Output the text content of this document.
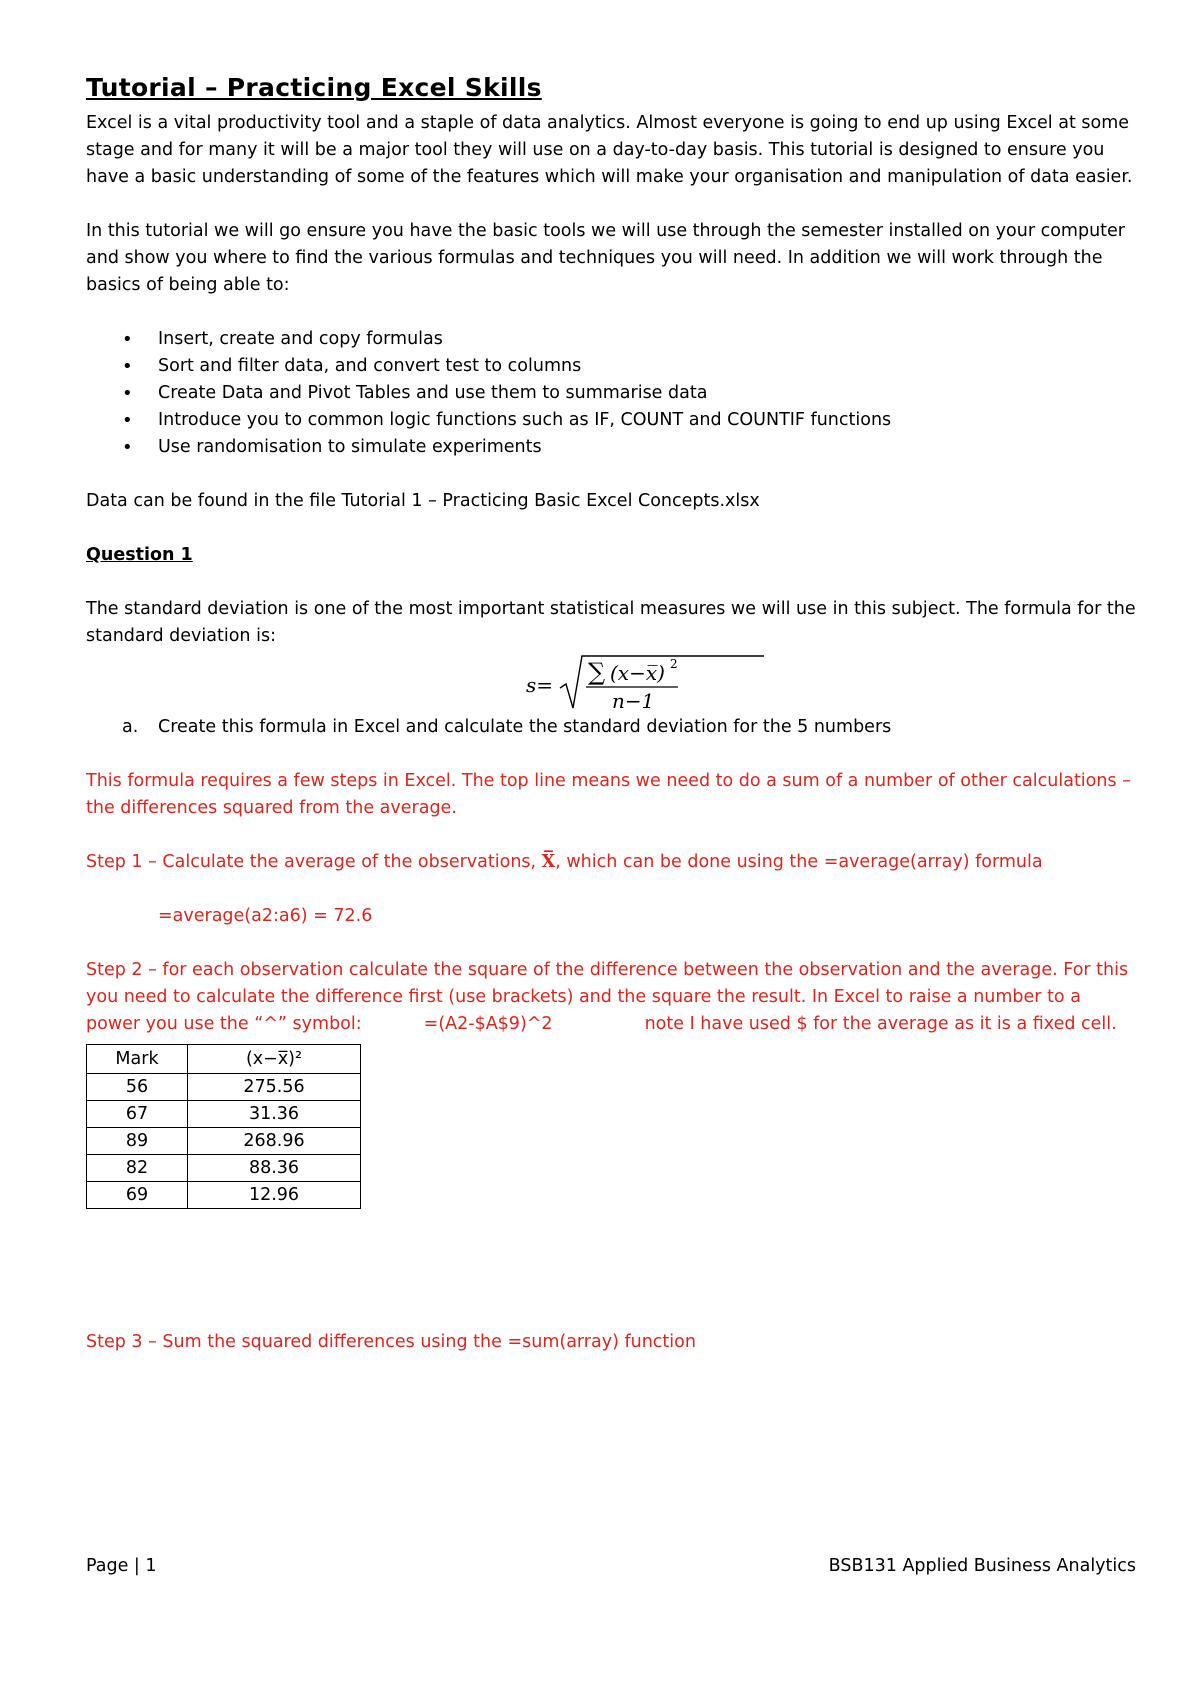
Tutorial – Practicing Excel Skills

Excel is a vital productivity tool and a staple of data analytics. Almost everyone is going to end up using Excel at some stage and for many it will be a major tool they will use on a day-to-day basis. This tutorial is designed to ensure you have a basic understanding of some of the features which will make your organisation and manipulation of data easier.

In this tutorial we will go ensure you have the basic tools we will use through the semester installed on your computer and show you where to find the various formulas and techniques you will need. In addition we will work through the basics of being able to:

• Insert, create and copy formulas
• Sort and filter data, and convert test to columns
• Create Data and Pivot Tables and use them to summarise data
• Introduce you to common logic functions such as IF, COUNT and COUNTIF functions
• Use randomisation to simulate experiments

Data can be found in the file Tutorial 1 – Practicing Basic Excel Concepts.xlsx

Question 1

The standard deviation is one of the most important statistical measures we will use in this subject. The formula for the standard deviation is:

s= ∑ (x−x̅) 2
n−1
a. Create this formula in Excel and calculate the standard deviation for the 5 numbers

This formula requires a few steps in Excel. The top line means we need to do a sum of a number of other calculations – the differences squared from the average.

Step 1 – Calculate the average of the observations, X̅, which can be done using the =average(array) formula

=average(a2:a6) = 72.6

Step 2 – for each observation calculate the square of the difference between the observation and the average. For this you need to calculate the difference first (use brackets) and the square the result. In Excel to raise a number to a power you use the “^” symbol:	=(A2-$A$9)^2	note I have used $ for the average as it is a fixed cell.

Mark	(x−x̅)²
56	275.56
67	31.36
89	268.96
82	88.36
69	12.96

Step 3 – Sum the squared differences using the =sum(array) function

Page | 1	BSB131 Applied Business Analytics
